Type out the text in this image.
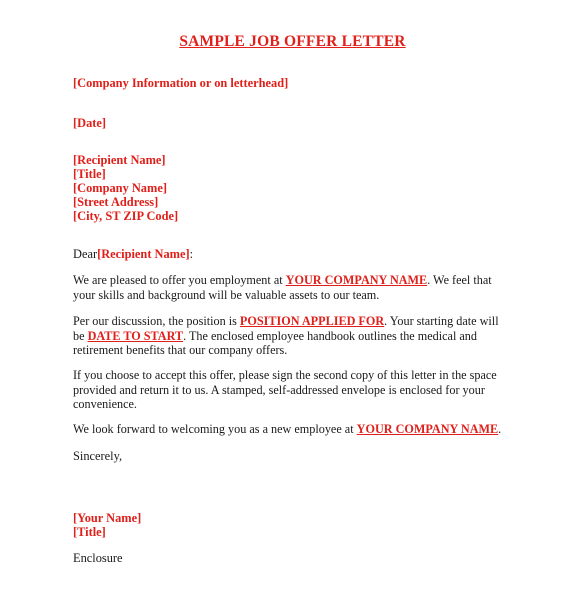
SAMPLE JOB OFFER LETTER
[Company Information or on letterhead]
[Date]
[Recipient Name]
[Title]
[Company Name]
[Street Address]
[City, ST ZIP Code]
Dear[Recipient Name]:
We are pleased to offer you employment at YOUR COMPANY NAME. We feel that
your skills and background will be valuable assets to our team.
Per our discussion, the position is POSITION APPLIED FOR. Your starting date will
be DATE TO START. The enclosed employee handbook outlines the medical and
retirement benefits that our company offers.
If you choose to accept this offer, please sign the second copy of this letter in the space
provided and return it to us. A stamped, self-addressed envelope is enclosed for your
convenience.
We look forward to welcoming you as a new employee at YOUR COMPANY NAME.
Sincerely,
[Your Name]
[Title]
Enclosure
